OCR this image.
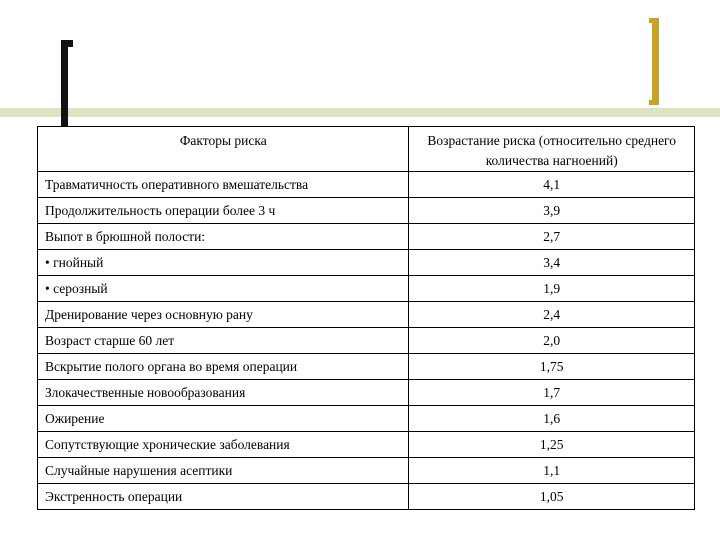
Факторы риска	Возрастание риска (относительно среднего количества нагноений)
Травматичность оперативного вмешательства	4,1
Продолжительность операции более 3 ч	3,9
Выпот в брюшной полости:	2,7
• гнойный	3,4
• серозный	1,9
Дренирование через основную рану	2,4
Возраст старше 60 лет	2,0
Вскрытие полого органа во время операции	1,75
Злокачественные новообразования	1,7
Ожирение	1,6
Сопутствующие хронические заболевания	1,25
Случайные нарушения асептики	1,1
Экстренность операции	1,05
